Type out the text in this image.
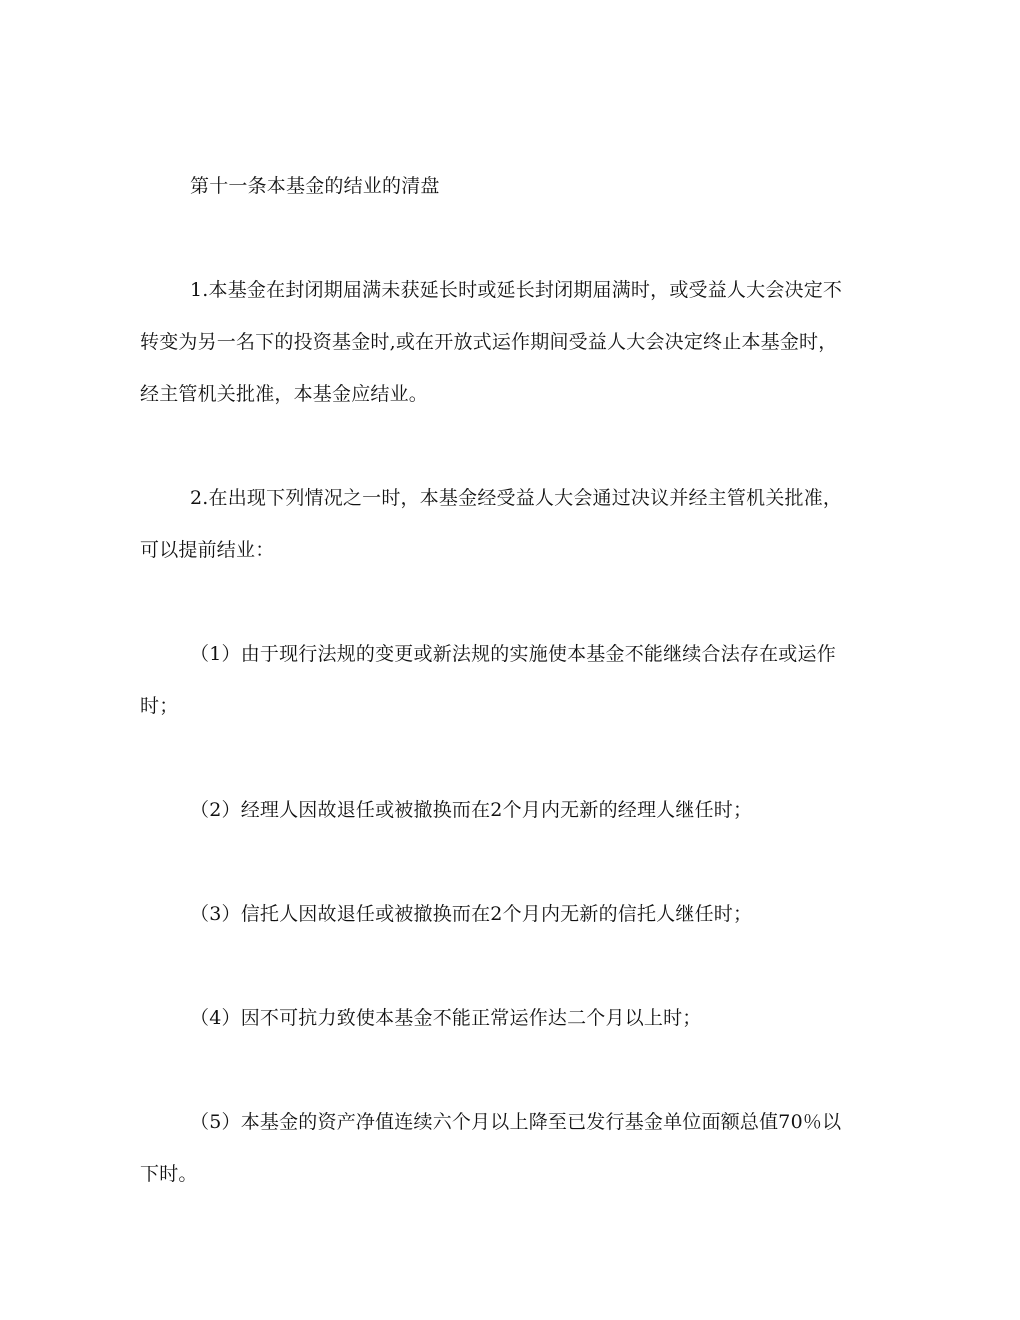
第十一条本基金的结业的清盘
1.本基金在封闭期届满未获延长时或延长封闭期届满时，或受益人大会决定不
转变为另一名下的投资基金时,或在开放式运作期间受益人大会决定终止本基金时，
经主管机关批准，本基金应结业。
2.在出现下列情况之一时，本基金经受益人大会通过决议并经主管机关批准，
可以提前结业：
（1）由于现行法规的变更或新法规的实施使本基金不能继续合法存在或运作
时；
（2）经理人因故退任或被撤换而在2个月内无新的经理人继任时；
（3）信托人因故退任或被撤换而在2个月内无新的信托人继任时；
（4）因不可抗力致使本基金不能正常运作达二个月以上时；
（5）本基金的资产净值连续六个月以上降至已发行基金单位面额总值70％以
下时。
